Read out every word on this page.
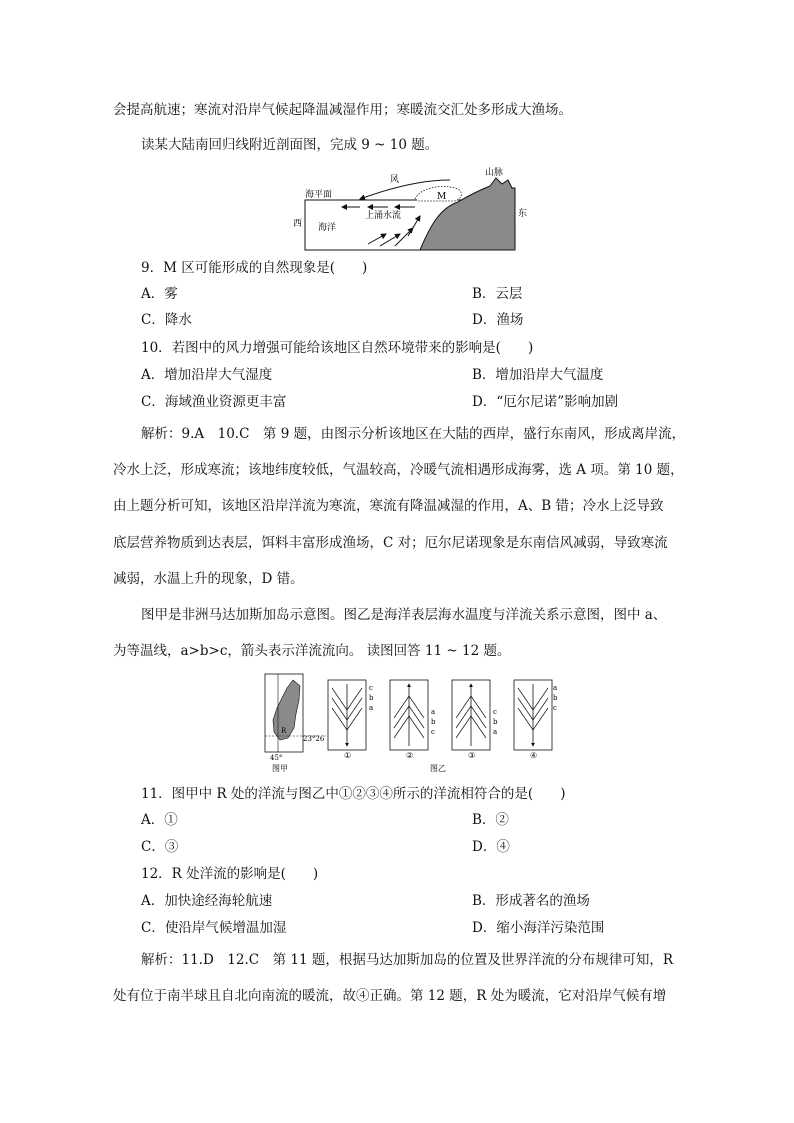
会提高航速；寒流对沿岸气候起降温减湿作用；寒暖流交汇处多形成大渔场。
读某大陆南回归线附近剖面图，完成 9 ~ 10 题。
M
风
山脉
海平面
西
东
海洋
上涌水流
9．M 区可能形成的自然现象是(　　)
A．雾	B．云层
C．降水	D．渔场
10．若图中的风力增强可能给该地区自然环境带来的影响是(　　)
A．增加沿岸大气湿度	B．增加沿岸大气温度
C．海域渔业资源更丰富	D．“厄尔尼诺”影响加剧
解析：9.A　10.C　第 9 题，由图示分析该地区在大陆的西岸，盛行东南风，形成离岸流，
冷水上泛，形成寒流；该地纬度较低，气温较高，冷暖气流相遇形成海雾，选 A 项。第 10 题，
由上题分析可知，该地区沿岸洋流为寒流，寒流有降温减湿的作用，A、B 错；冷水上泛导致
底层营养物质到达表层，饵料丰富形成渔场，C 对；厄尔尼诺现象是东南信风减弱，导致寒流
减弱，水温上升的现象，D 错。
图甲是非洲马达加斯加岛示意图。图乙是海洋表层海水温度与洋流关系示意图，图中 a、
为等温线，a>b>c，箭头表示洋流流向。 读图回答 11 ~ 12 题。
R
23°26′
45°
图甲
c
b
a
①
a
b
c
②
c
b
a
③
a
b
c
④
图乙
11．图甲中 R 处的洋流与图乙中①②③④所示的洋流相符合的是(　　)
A．①	B．②
C．③	D．④
12．R 处洋流的影响是(　　)
A．加快途经海轮航速	B．形成著名的渔场
C．使沿岸气候增温加湿	D．缩小海洋污染范围
解析：11.D　12.C　第 11 题，根据马达加斯加岛的位置及世界洋流的分布规律可知，R
处有位于南半球且自北向南流的暖流，故④正确。第 12 题，R 处为暖流，它对沿岸气候有增
